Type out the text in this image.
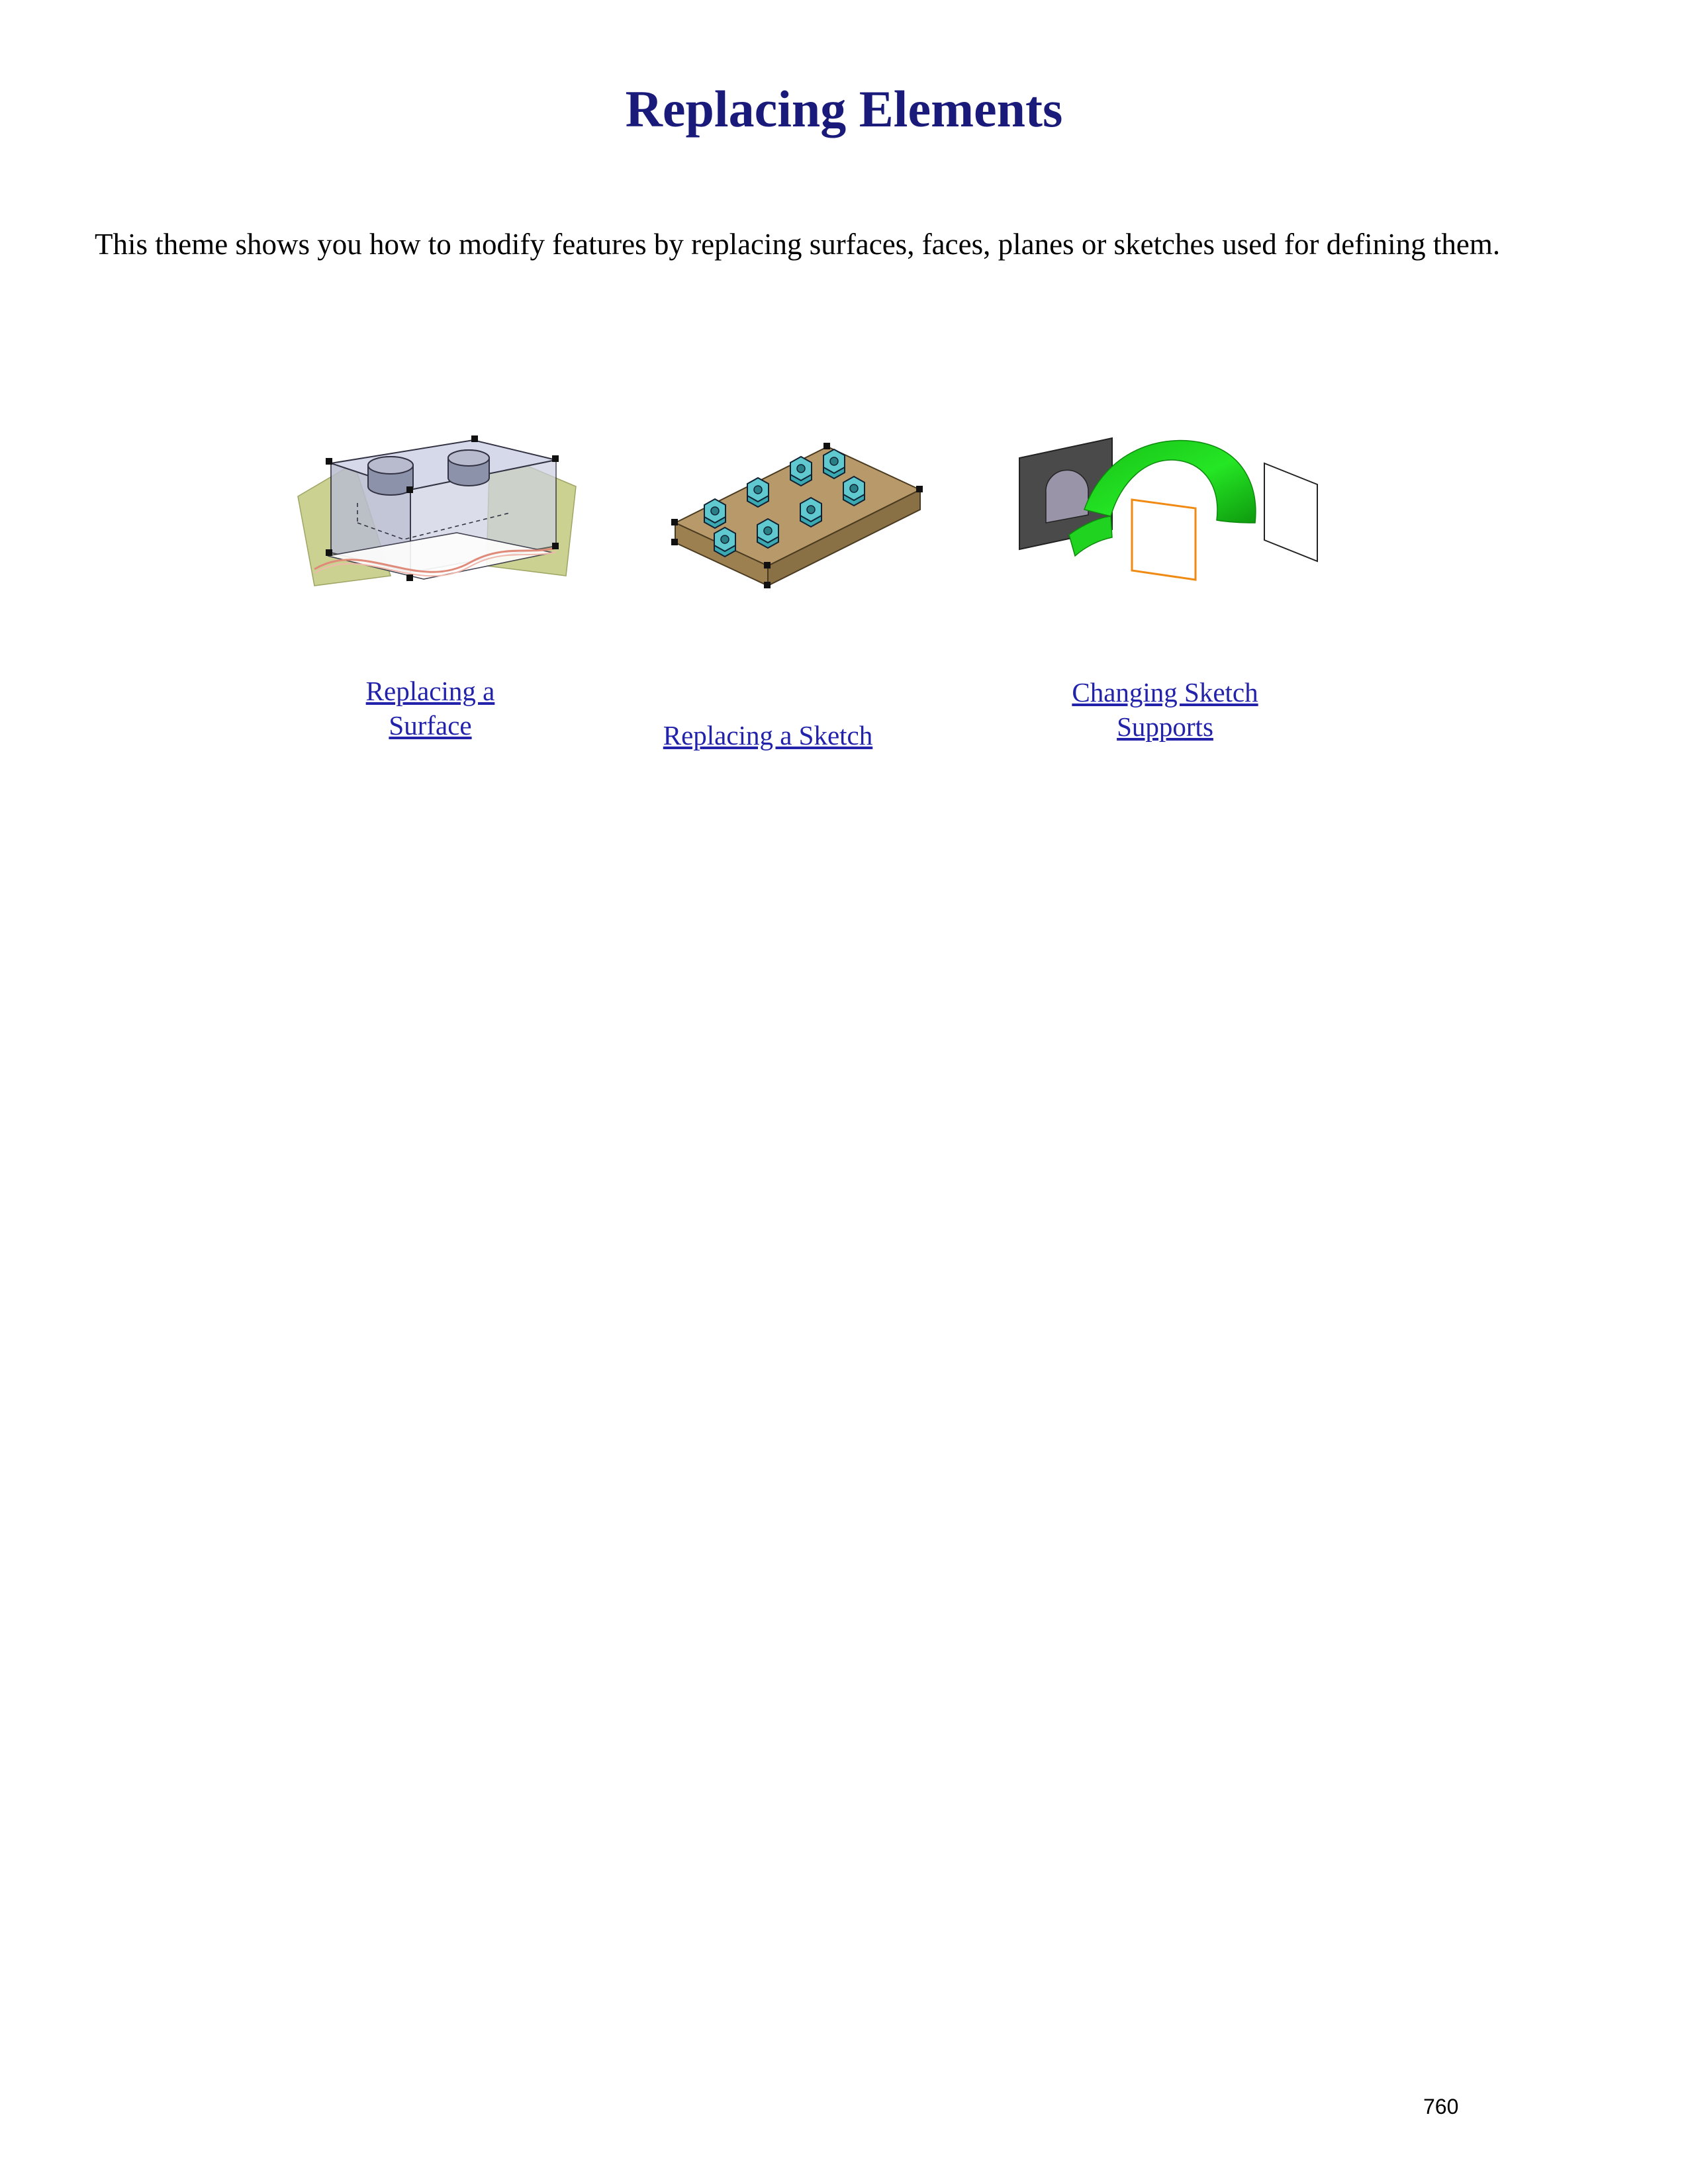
Replacing Elements
This theme shows you how to modify features by replacing surfaces, faces, planes or sketches used for defining them.
Replacing a
Surface	Replacing a Sketch
Changing Sketch
Supports
760
